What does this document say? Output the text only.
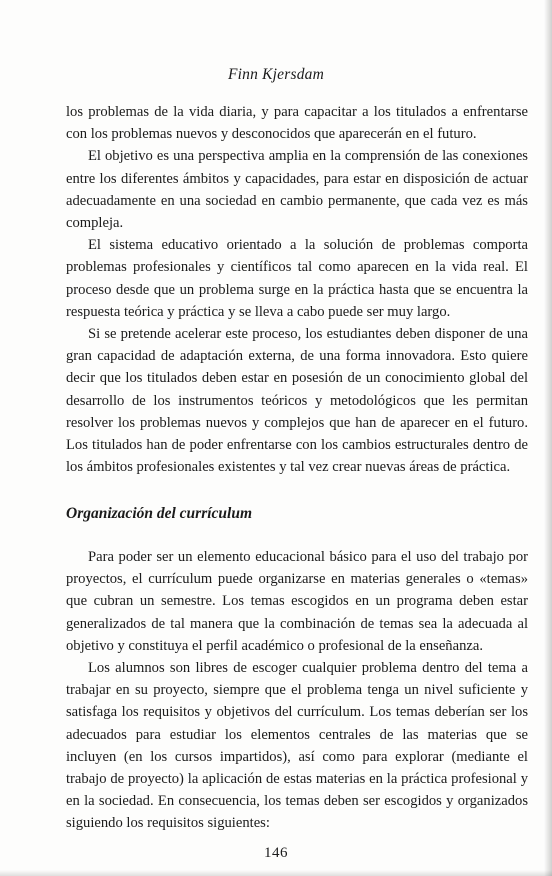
Finn Kjersdam

los problemas de la vida diaria, y para capacitar a los titulados a enfrentarse con los problemas nuevos y desconocidos que aparecerán en el futuro.

El objetivo es una perspectiva amplia en la comprensión de las conexiones entre los diferentes ámbitos y capacidades, para estar en disposición de actuar adecuadamente en una sociedad en cambio permanente, que cada vez es más compleja.

El sistema educativo orientado a la solución de problemas comporta problemas profesionales y científicos tal como aparecen en la vida real. El proceso desde que un problema surge en la práctica hasta que se encuentra la respuesta teórica y práctica y se lleva a cabo puede ser muy largo.

Si se pretende acelerar este proceso, los estudiantes deben disponer de una gran capacidad de adaptación externa, de una forma innovadora. Esto quiere decir que los titulados deben estar en posesión de un conocimiento global del desarrollo de los instrumentos teóricos y metodológicos que les permitan resolver los problemas nuevos y complejos que han de aparecer en el futuro. Los titulados han de poder enfrentarse con los cambios estructurales dentro de los ámbitos profesionales existentes y tal vez crear nuevas áreas de práctica.

Organización del currículum

Para poder ser un elemento educacional básico para el uso del trabajo por proyectos, el currículum puede organizarse en materias generales o «temas» que cubran un semestre. Los temas escogidos en un programa deben estar generalizados de tal manera que la combinación de temas sea la adecuada al objetivo y constituya el perfil académico o profesional de la enseñanza.

Los alumnos son libres de escoger cualquier problema dentro del tema a trabajar en su proyecto, siempre que el problema tenga un nivel suficiente y satisfaga los requisitos y objetivos del currículum. Los temas deberían ser los adecuados para estudiar los elementos centrales de las materias que se incluyen (en los cursos impartidos), así como para explorar (mediante el trabajo de proyecto) la aplicación de estas materias en la práctica profesional y en la sociedad. En consecuencia, los temas deben ser escogidos y organizados siguiendo los requisitos siguientes:

146
